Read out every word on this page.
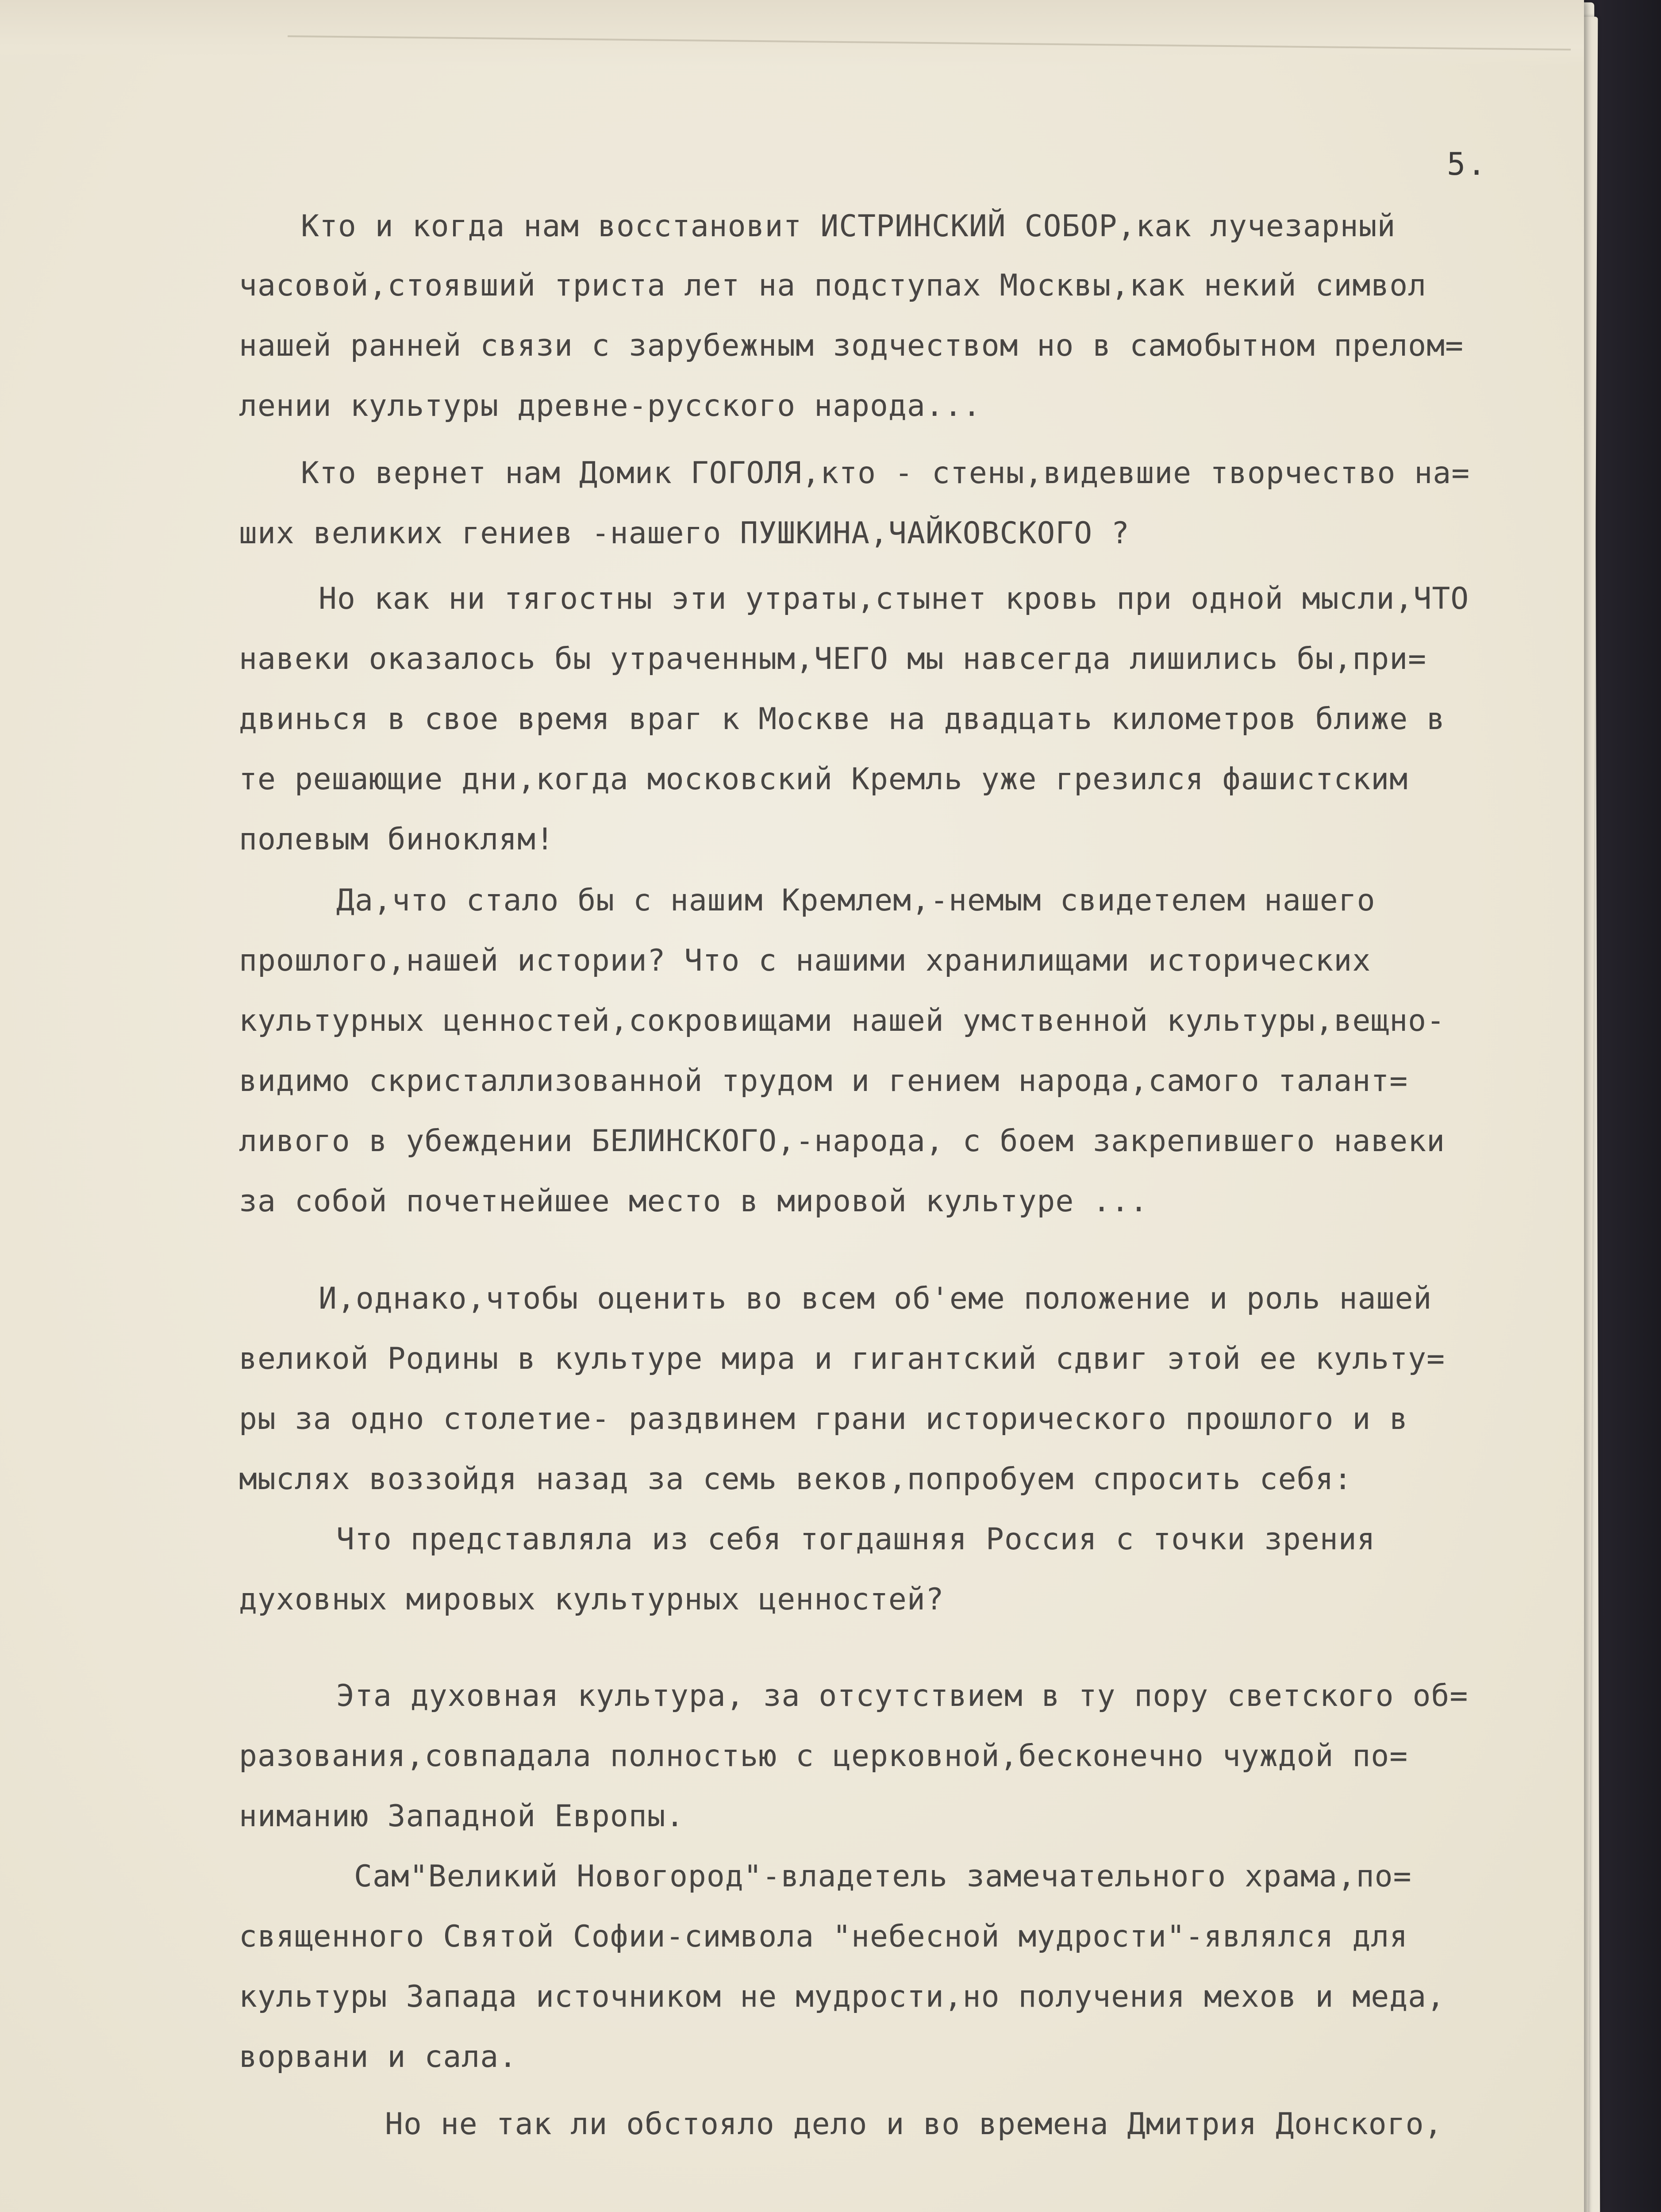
5.
Кто и когда нам восстановит ИСТРИНСКИЙ СОБОР,как лучезарный
часовой,стоявший триста лет на подступах Москвы,как некий символ
нашей ранней связи с зарубежным зодчеством но в самобытном прелом=
лении культуры древне-русского народа...
Кто вернет нам Домик ГОГОЛЯ,кто - стены,видевшие творчество на=
ших великих гениев -нашего ПУШКИНА,ЧАЙКОВСКОГО ?
Но как ни тягостны эти утраты,стынет кровь при одной мысли,ЧТО
навеки оказалось бы утраченным,ЧЕГО мы навсегда лишились бы,при=
двинься в свое время враг к Москве на двадцать километров ближе в
те решающие дни,когда московский Кремль уже грезился фашистским
полевым биноклям!
Да,что стало бы с нашим Кремлем,-немым свидетелем нашего
прошлого,нашей истории? Что с нашими хранилищами исторических
культурных ценностей,сокровищами нашей умственной культуры,вещно-
видимо скристаллизованной трудом и гением народа,самого талант=
ливого в убеждении БЕЛИНСКОГО,-народа, с боем закрепившего навеки
за собой почетнейшее место в мировой культуре ...
И,однако,чтобы оценить во всем об'еме положение и роль нашей
великой Родины в культуре мира и гигантский сдвиг этой ее культу=
ры за одно столетие- раздвинем грани исторического прошлого и в
мыслях воззойдя назад за семь веков,попробуем спросить себя:
Что представляла из себя тогдашняя Россия с точки зрения
духовных мировых культурных ценностей?
Эта духовная культура, за отсутствием в ту пору светского об=
разования,совпадала полностью с церковной,бесконечно чуждой по=
ниманию Западной Европы.
Сам"Великий Новогород"-владетель замечательного храма,по=
священного Святой Софии-символа "небесной мудрости"-являлся для
культуры Запада источником не мудрости,но получения мехов и меда,
ворвани и сала.
Но не так ли обстояло дело и во времена Дмитрия Донского,
